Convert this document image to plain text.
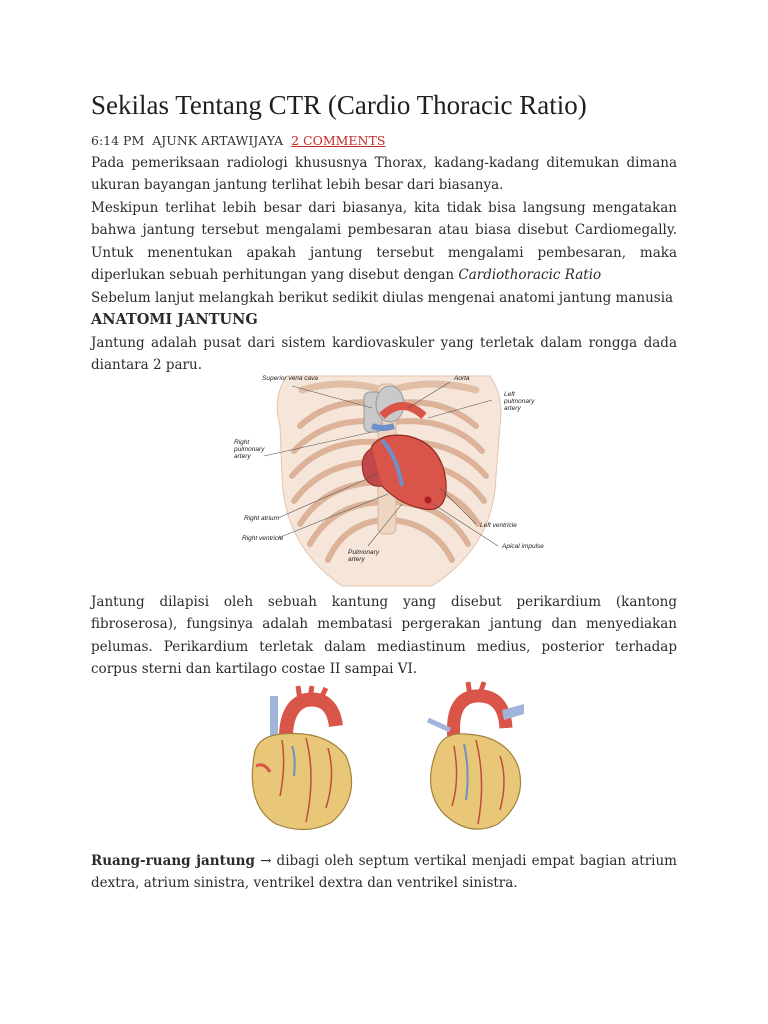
Sekilas Tentang CTR (Cardio Thoracic Ratio)
6:14 PM AJUNK ARTAWIJAYA 2 COMMENTS

Pada pemeriksaan radiologi khususnya Thorax, kadang-kadang ditemukan dimana ukuran bayangan jantung terlihat lebih besar dari biasanya.

Meskipun terlihat lebih besar dari biasanya, kita tidak bisa langsung mengatakan bahwa jantung tersebut mengalami pembesaran atau biasa disebut Cardiomegally. Untuk menentukan apakah jantung tersebut mengalami pembesaran, maka diperlukan sebuah perhitungan yang disebut dengan Cardiothoracic Ratio

Sebelum lanjut melangkah berikut sedikit diulas mengenai anatomi jantung manusia

ANATOMI JANTUNG

Jantung adalah pusat dari sistem kardiovaskuler yang terletak dalam rongga dada diantara 2 paru.

Superior vena cava	Aorta
Left
pulmonary
artery
Right
pulmonary
artery
Right atrium
Right ventricle
Pulmonary
artery
Left ventricle
Apical impulse

Jantung dilapisi oleh sebuah kantung yang disebut perikardium (kantong fibroserosa), fungsinya adalah membatasi pergerakan jantung dan menyediakan pelumas. Perikardium terletak dalam mediastinum medius, posterior terhadap corpus sterni dan kartilago costae II sampai VI.

Ruang-ruang jantung → dibagi oleh septum vertikal menjadi empat bagian atrium dextra, atrium sinistra, ventrikel dextra dan ventrikel sinistra.
